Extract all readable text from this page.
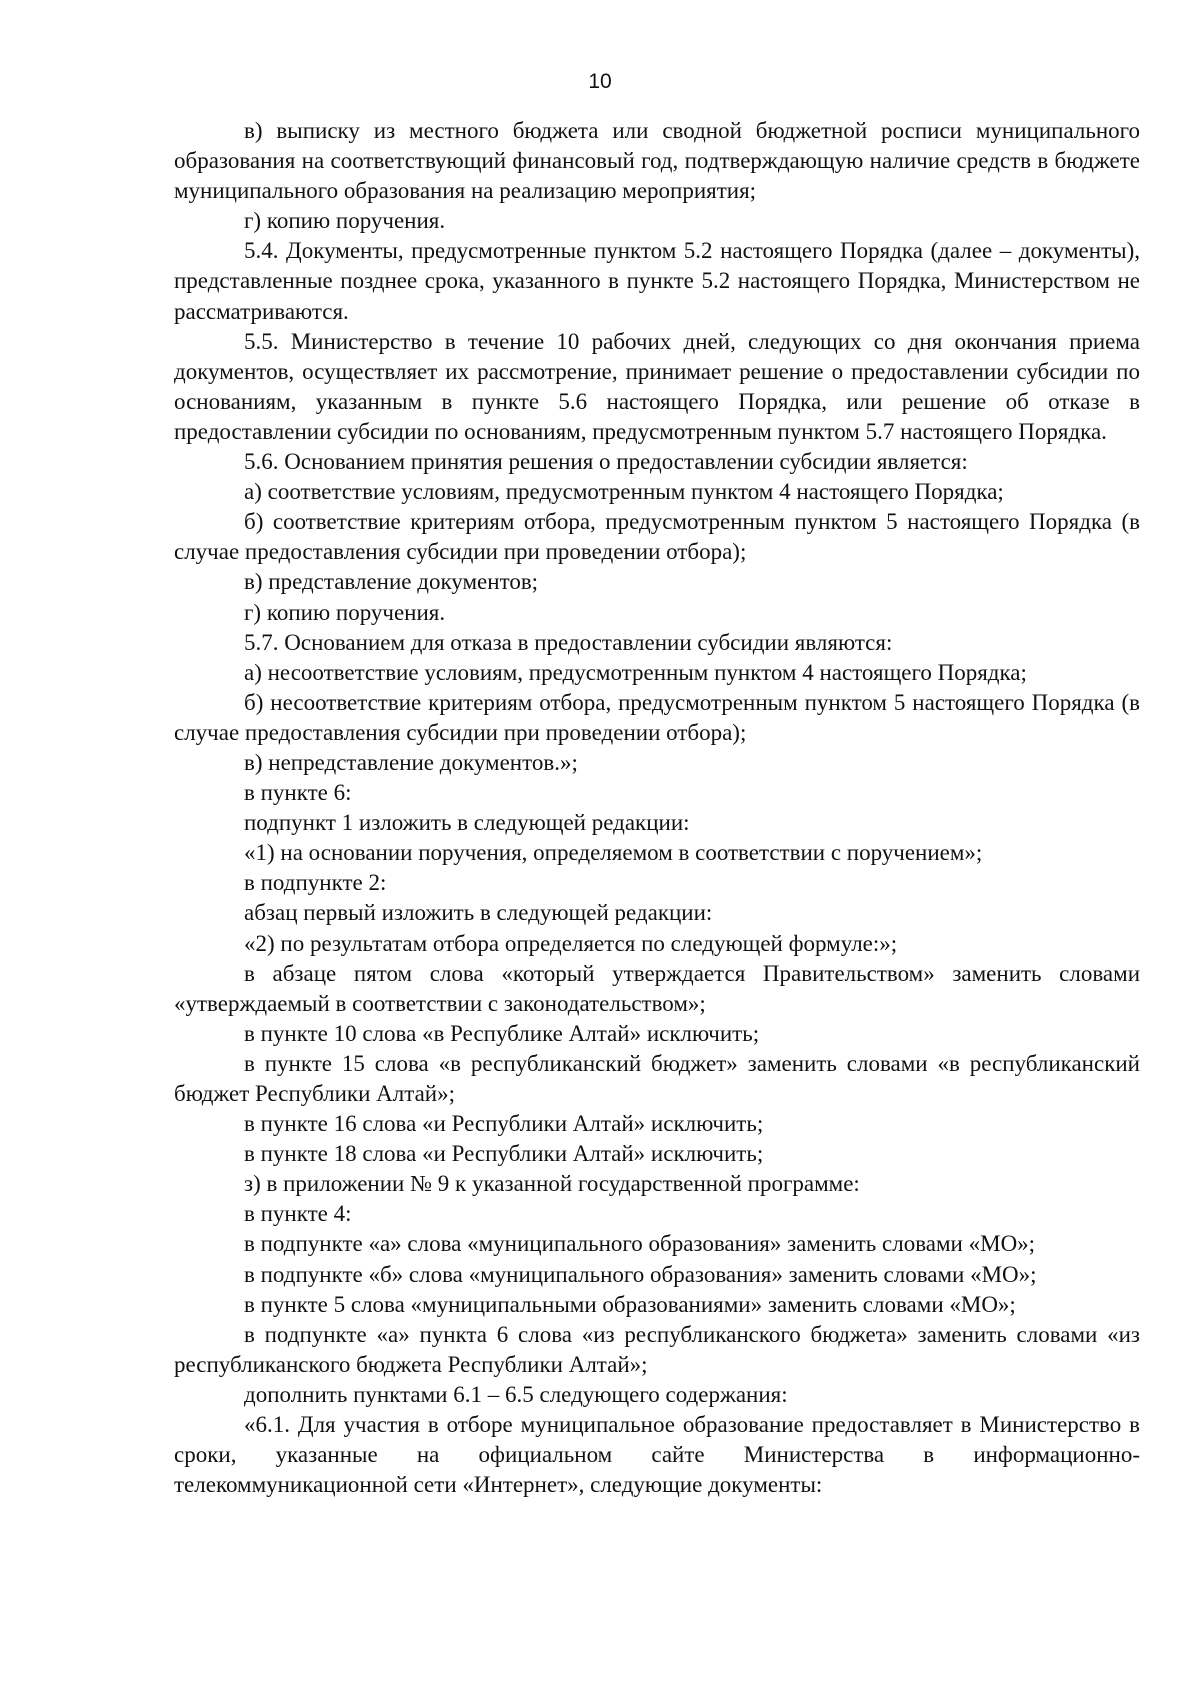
10

в) выписку из местного бюджета или сводной бюджетной росписи муниципального образования на соответствующий финансовый год, подтверждающую наличие средств в бюджете муниципального образования на реализацию мероприятия;

г) копию поручения.

5.4. Документы, предусмотренные пунктом 5.2 настоящего Порядка (далее – документы), представленные позднее срока, указанного в пункте 5.2 настоящего Порядка, Министерством не рассматриваются.

5.5. Министерство в течение 10 рабочих дней, следующих со дня окончания приема документов, осуществляет их рассмотрение, принимает решение о предоставлении субсидии по основаниям, указанным в пункте 5.6 настоящего Порядка, или решение об отказе в предоставлении субсидии по основаниям, предусмотренным пунктом 5.7 настоящего Порядка.

5.6. Основанием принятия решения о предоставлении субсидии является:

а) соответствие условиям, предусмотренным пунктом 4 настоящего Порядка;

б) соответствие критериям отбора, предусмотренным пунктом 5 настоящего Порядка (в случае предоставления субсидии при проведении отбора);

в) представление документов;

г) копию поручения.

5.7. Основанием для отказа в предоставлении субсидии являются:

а) несоответствие условиям, предусмотренным пунктом 4 настоящего Порядка;

б) несоответствие критериям отбора, предусмотренным пунктом 5 настоящего Порядка (в случае предоставления субсидии при проведении отбора);

в) непредставление документов.»;

в пункте 6:

подпункт 1 изложить в следующей редакции:

«1) на основании поручения, определяемом в соответствии с поручением»;

в подпункте 2:

абзац первый изложить в следующей редакции:

«2) по результатам отбора определяется по следующей формуле:»;

в абзаце пятом слова «который утверждается Правительством» заменить словами «утверждаемый в соответствии с законодательством»;

в пункте 10 слова «в Республике Алтай» исключить;

в пункте 15 слова «в республиканский бюджет» заменить словами «в республиканский бюджет Республики Алтай»;

в пункте 16 слова «и Республики Алтай» исключить;

в пункте 18 слова «и Республики Алтай» исключить;

з) в приложении № 9 к указанной государственной программе:

в пункте 4:

в подпункте «а» слова «муниципального образования» заменить словами «МО»;

в подпункте «б» слова «муниципального образования» заменить словами «МО»;

в пункте 5 слова «муниципальными образованиями» заменить словами «МО»;

в подпункте «а» пункта 6 слова «из республиканского бюджета» заменить словами «из республиканского бюджета Республики Алтай»;

дополнить пунктами 6.1 – 6.5 следующего содержания:

«6.1. Для участия в отборе муниципальное образование предоставляет в Министерство в сроки, указанные на официальном сайте Министерства в информационно- телекоммуникационной сети «Интернет», следующие документы:
